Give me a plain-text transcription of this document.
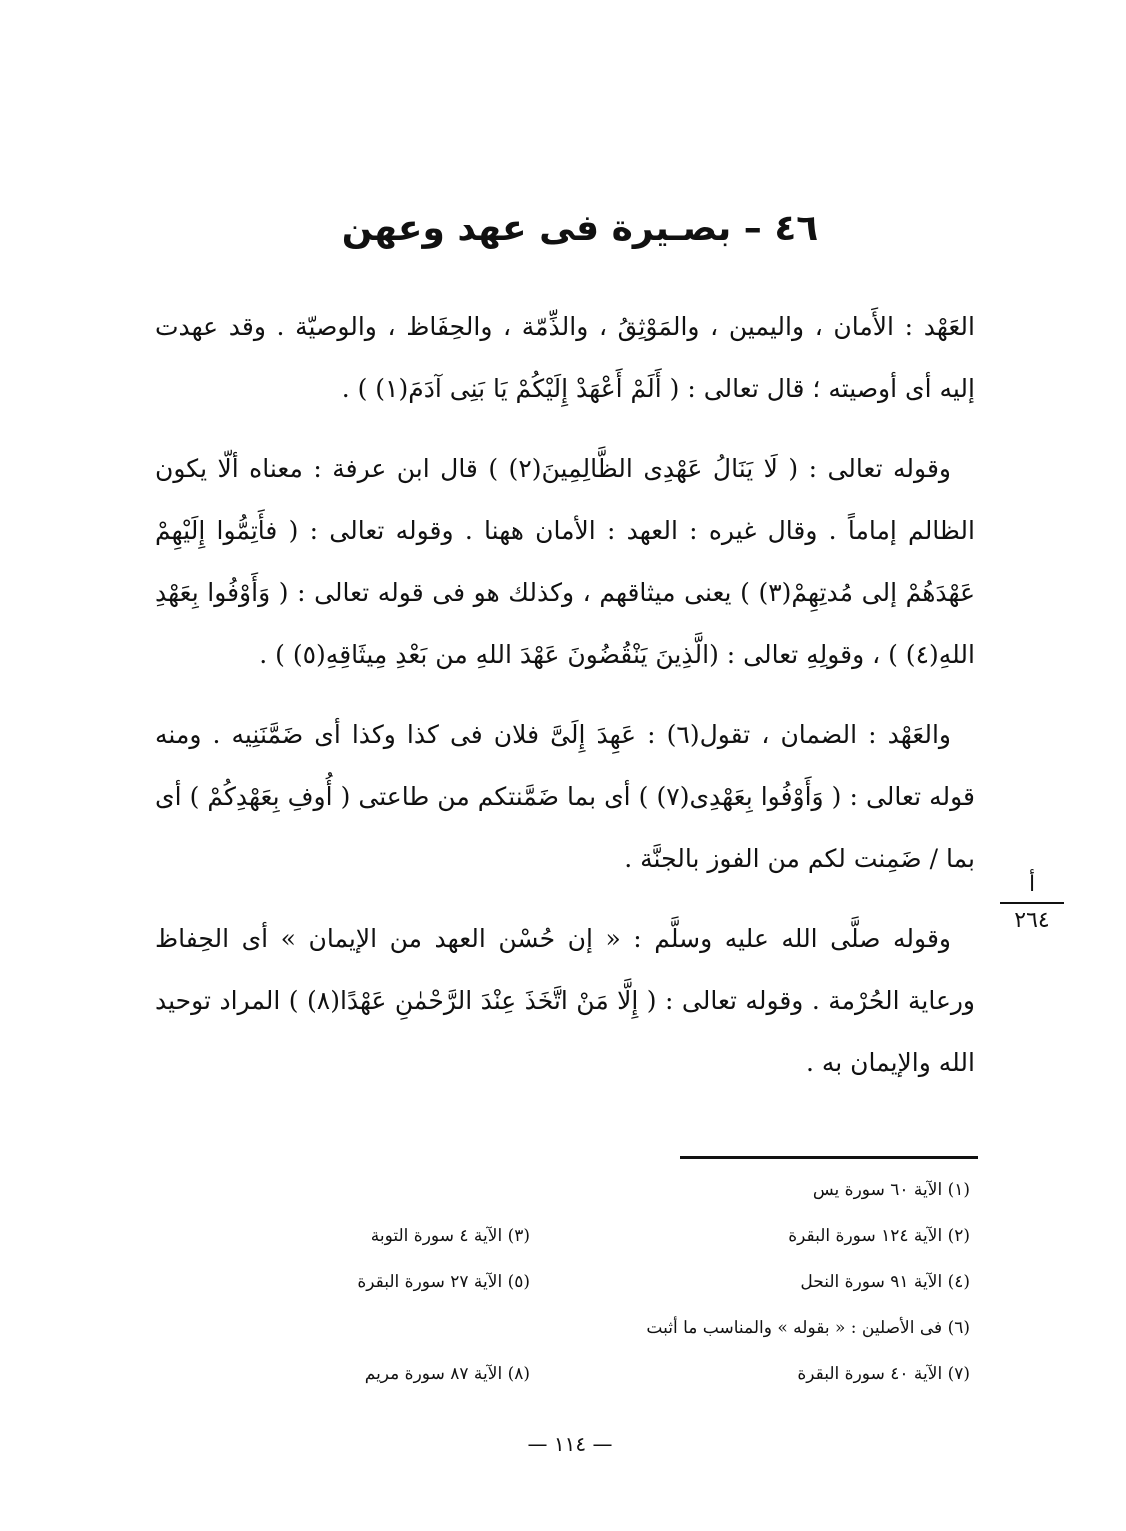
٤٦ – بصـيرة فى عهد وعهن

العَهْد : الأَمان ، واليمين ، والمَوْثِقُ ، والذِّمّة ، والحِفَاظ ، والوصيّة . وقد عهدت إليه أى أوصيته ؛ قال تعالى : ( أَلَمْ أَعْهَدْ إِلَيْكُمْ يَا بَنِى آدَمَ(١) ) .

وقوله تعالى : ( لَا يَنَالُ عَهْدِى الظَّالِمِينَ(٢) ) قال ابن عرفة : معناه ألّا يكون الظالم إماماً . وقال غيره : العهد : الأمان ههنا . وقوله تعالى : ( فأَتِمُّوا إِلَيْهِمْ عَهْدَهُمْ إلى مُدتِهِمْ(٣) ) يعنى ميثاقهم ، وكذلك هو فى قوله تعالى : ( وَأَوْفُوا بِعَهْدِ اللهِ(٤) ) ، وقولِهِ تعالى : (الَّذِينَ يَنْقُضُونَ عَهْدَ اللهِ من بَعْدِ مِيثَاقِهِ(٥) ) .

والعَهْد : الضمان ، تقول(٦) : عَهِدَ إِلَىَّ فلان فى كذا وكذا أى ضَمَّنَنِيه . ومنه قوله تعالى : ( وَأَوْفُوا بِعَهْدِى(٧) ) أى بما ضَمَّنتكم من طاعتى ( أُوفِ بِعَهْدِكُمْ ) أى بما / ضَمِنت لكم من الفوز بالجنَّة .

وقوله صلَّى الله عليه وسلَّم : « إن حُسْن العهد من الإيمان » أى الحِفاظ ورعاية الحُرْمة . وقوله تعالى : ( إِلَّا مَنْ اتَّخَذَ عِنْدَ الرَّحْمٰنِ عَهْدًا(٨) ) المراد توحيد الله والإيمان به .

أ
٢٦٤
(١) الآية ٦٠ سورة يس
(٢) الآية ١٢٤ سورة البقرة
(٣) الآية ٤ سورة التوبة
(٤) الآية ٩١ سورة النحل
(٥) الآية ٢٧ سورة البقرة
(٦) فى الأصلين : « بقوله » والمناسب ما أثبت
(٧) الآية ٤٠ سورة البقرة
(٨) الآية ٨٧ سورة مريم
— ١١٤ —
